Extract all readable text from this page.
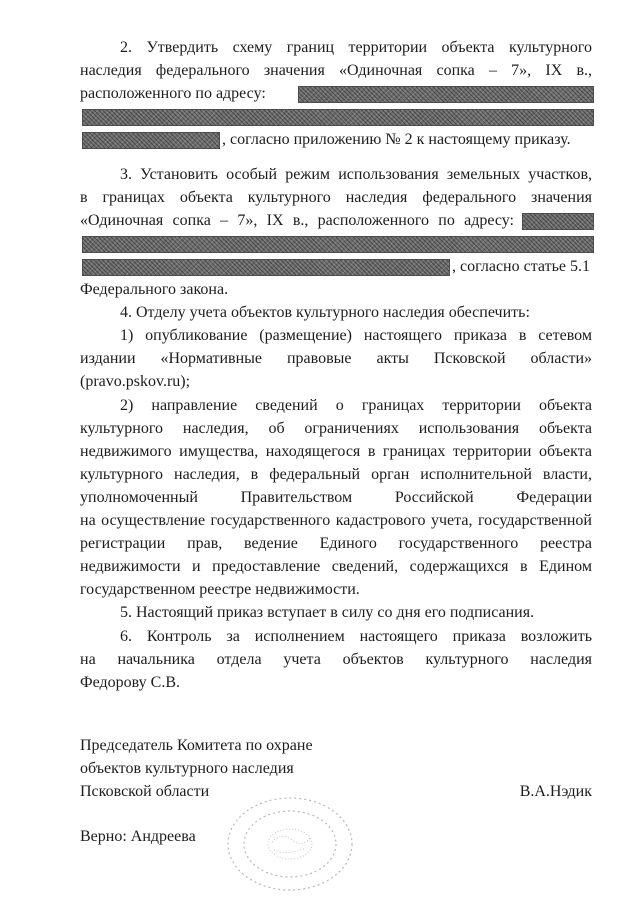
2. Утвердить схему границ территории объекта культурного
наследия федерального значения «Одиночная сопка – 7», IX в.,
расположенного по адресу:
, согласно приложению № 2 к настоящему приказу.
3. Установить особый режим использования земельных участков,
в границах объекта культурного наследия федерального значения
«Одиночная сопка – 7», IX в., расположенного по адресу:
, согласно статье 5.1
Федерального закона.
4. Отделу учета объектов культурного наследия обеспечить:
1) опубликование (размещение) настоящего приказа в сетевом
издании «Нормативные правовые акты Псковской области»
(pravo.pskov.ru);
2) направление сведений о границах территории объекта
культурного наследия, об ограничениях использования объекта
недвижимого имущества, находящегося в границах территории объекта
культурного наследия, в федеральный орган исполнительной власти,
уполномоченный Правительством Российской Федерации
на осуществление государственного кадастрового учета, государственной
регистрации прав, ведение Единого государственного реестра
недвижимости и предоставление сведений, содержащихся в Едином
государственном реестре недвижимости.
5. Настоящий приказ вступает в силу со дня его подписания.
6. Контроль за исполнением настоящего приказа возложить
на начальника отдела учета объектов культурного наследия
Федорову С.В.
Председатель Комитета по охране
объектов культурного наследия
Псковской области	В.А.Нэдик
Верно: Андреева
